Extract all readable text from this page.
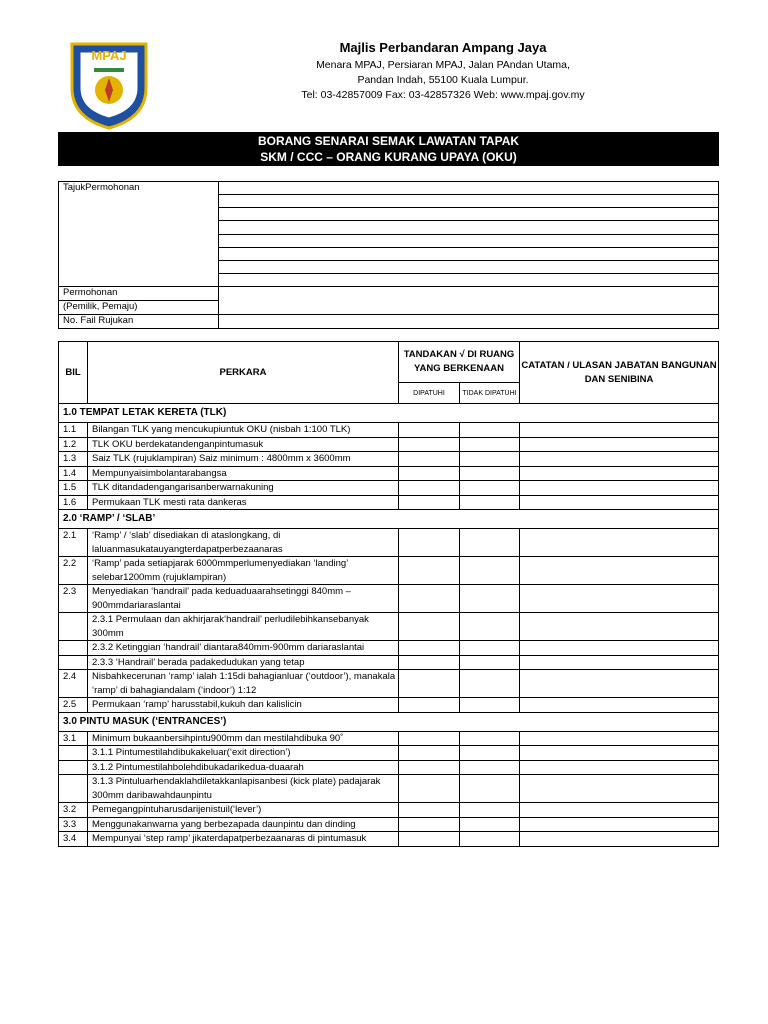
MPAJ
Majlis Perbandaran Ampang Jaya
Menara MPAJ, Persiaran MPAJ, Jalan PAndan Utama,
Pandan Indah, 55100 Kuala Lumpur.
Tel: 03-42857009 Fax: 03-42857326 Web: www.mpaj.gov.my
BORANG SENARAI SEMAK LAWATAN TAPAK
SKM / CCC – ORANG KURANG UPAYA (OKU)
TajukPermohonan	

Permohonan	
(Pemilik, Pemaju)	
No. Fail Rujukan	
BIL	PERKARA	TANDAKAN √ DI RUANG YANG BERKENAAN		CATATAN / ULASAN JABATAN BANGUNAN DAN SENIBINA
		DIPATUHI	TIDAK DIPATUHI	
1.0 TEMPAT LETAK KERETA (TLK)				
1.1	Bilangan TLK yang mencukupiuntuk OKU (nisbah 1:100 TLK)			
1.2	TLK OKU berdekatandenganpintumasuk			
1.3	Saiz TLK (rujuklampiran) Saiz minimum : 4800mm x 3600mm			
1.4	Mempunyaisimbolantarabangsa			
1.5	TLK ditandadengangarisanberwarnakuning			
1.6	Permukaan TLK mesti rata dankeras			
2.0 ‘RAMP’ / ‘SLAB’				
2.1	‘Ramp’ / ‘slab’ disediakan di ataslongkang, di laluanmasukatauyangterdapatperbezaanaras			
2.2	‘Ramp’ pada setiapjarak 6000mmperlumenyediakan ‘landing’ selebar1200mm (rujuklampiran)			
2.3	Menyediakan ‘handrail’ pada keduaduaarahsetinggi 840mm – 900mmdariaraslantai			
	2.3.1 Permulaan dan akhirjarak‘handrail’ perludilebihkansebanyak 300mm			
	2.3.2 Ketinggian ‘handrail’ diantara840mm-900mm dariaraslantai			
	2.3.3 ‘Handrail’ berada padakedudukan yang tetap			
2.4	Nisbahkecerunan ‘ramp’ ialah 1:15di bahagianluar (‘outdoor’), manakala ‘ramp’ di bahagiandalam (‘indoor’) 1:12			
2.5	Permukaan ‘ramp’ harusstabil,kukuh dan kalislicin			
3.0 PINTU MASUK (‘ENTRANCES’)				
3.1	Minimum bukaanbersihpintu900mm dan mestilahdibuka 90˚			
	3.1.1 Pintumestilahdibukakeluar(‘exit direction’)			
	3.1.2 Pintumestilahbolehdibukadarikedua-duaarah			
	3.1.3 Pintuluarhendaklahdiletakkanlapisanbesi (kick plate) padajarak 300mm daribawahdaunpintu			
3.2	Pemegangpintuharusdarijenistuil(‘lever’)			
3.3	Menggunakanwarna yang berbezapada daunpintu dan dinding			
3.4	Mempunyai ‘step ramp’ jikaterdapatperbezaanaras di pintumasuk			
